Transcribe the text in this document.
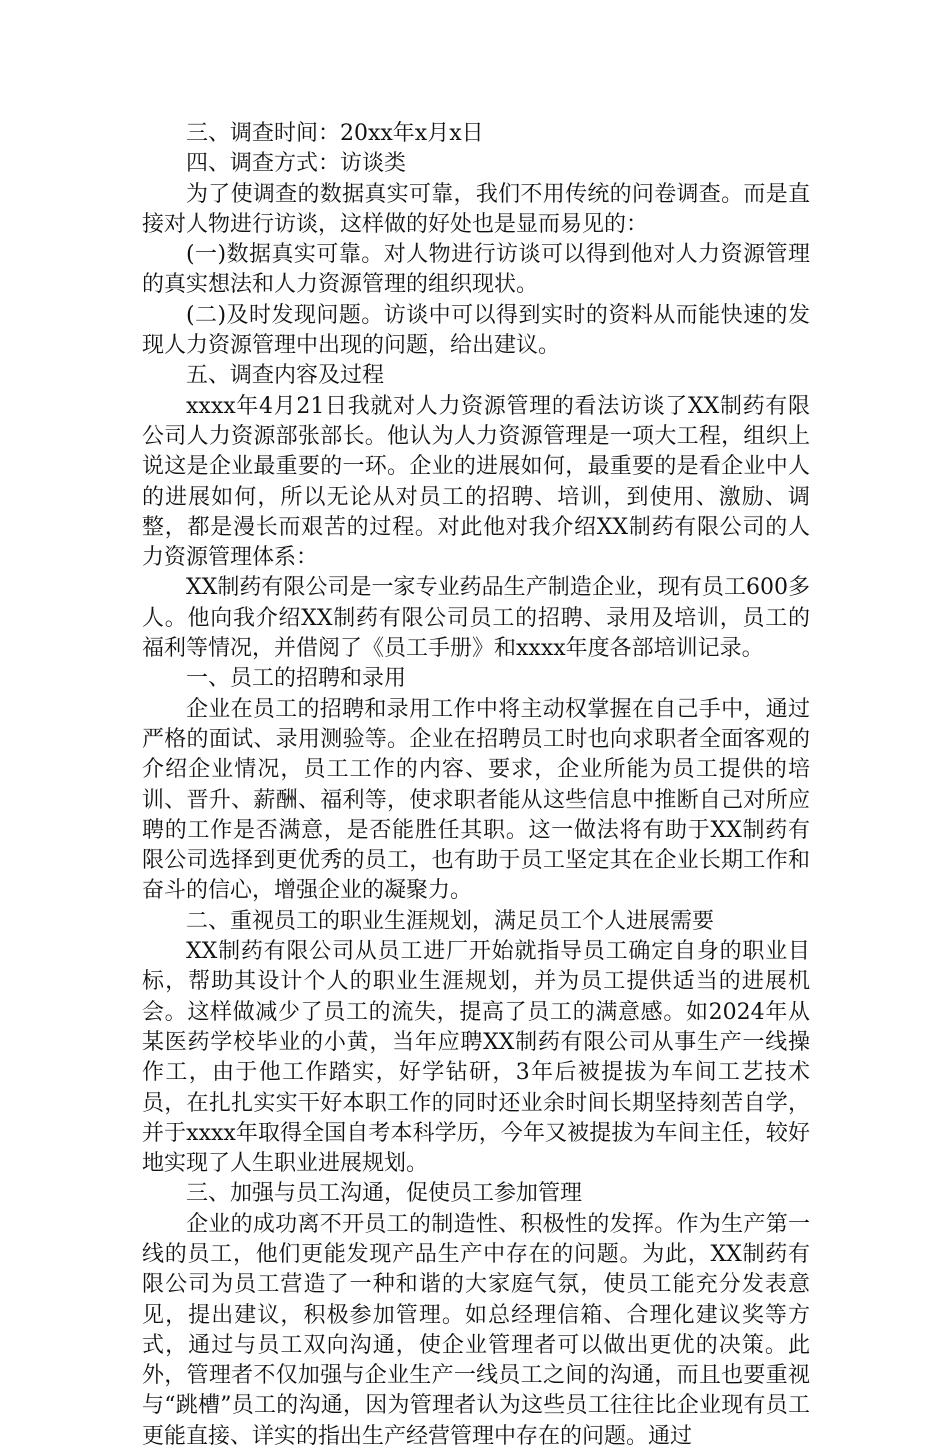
三、调查时间：20xx年x月x日

四、调查方式：访谈类

为了使调查的数据真实可靠，我们不用传统的问卷调查。而是直接对人物进行访谈，这样做的好处也是显而易见的：

(一)数据真实可靠。对人物进行访谈可以得到他对人力资源管理的真实想法和人力资源管理的组织现状。

(二)及时发现问题。访谈中可以得到实时的资料从而能快速的发现人力资源管理中出现的问题，给出建议。

五、调查内容及过程

xxxx年4月21日我就对人力资源管理的看法访谈了XX制药有限公司人力资源部张部长。他认为人力资源管理是一项大工程，组织上说这是企业最重要的一环。企业的进展如何，最重要的是看企业中人的进展如何，所以无论从对员工的招聘、培训，到使用、激励、调整，都是漫长而艰苦的过程。对此他对我介绍XX制药有限公司的人力资源管理体系：

XX制药有限公司是一家专业药品生产制造企业，现有员工600多 人。他向我介绍XX制药有限公司员工的招聘、录用及培训，员工的福利等情况，并借阅了《员工手册》和xxxx年度各部培训记录。

一、员工的招聘和录用

企业在员工的招聘和录用工作中将主动权掌握在自己手中，通过严格的面试、录用测验等。企业在招聘员工时也向求职者全面客观的介绍企业情况，员工工作的内容、要求，企业所能为员工提供的培训、晋升、薪酬、福利等，使求职者能从这些信息中推断自己对所应聘的工作是否满意，是否能胜任其职。这一做法将有助于XX制药有限公司选择到更优秀的员工，也有助于员工坚定其在企业长期工作和奋斗的信心，增强企业的凝聚力。

二、重视员工的职业生涯规划，满足员工个人进展需要

XX制药有限公司从员工进厂开始就指导员工确定自身的职业目标，帮助其设计个人的职业生涯规划，并为员工提供适当的进展机会。这样做减少了员工的流失，提高了员工的满意感。如2024年从某医药学校毕业的小黄，当年应聘XX制药有限公司从事生产一线操作工，由于他工作踏实，好学钻研，3年后被提拔为车间工艺技术员，在扎扎实实干好本职工作的同时还业余时间长期坚持刻苦自学，并于xxxx年取得全国自考本科学历，今年又被提拔为车间主任，较好地实现了人生职业进展规划。

三、加强与员工沟通，促使员工参加管理

企业的成功离不开员工的制造性、积极性的发挥。作为生产第一线的员工，他们更能发现产品生产中存在的问题。为此，XX制药有限公司为员工营造了一种和谐的大家庭气氛，使员工能充分发表意见，提出建议，积极参加管理。如总经理信箱、合理化建议奖等方式，通过与员工双向沟通，使企业管理者可以做出更优的决策。此外，管理者不仅加强与企业生产一线员工之间的沟通，而且也要重视与“跳槽”员工的沟通，因为管理者认为这些员工往往比企业现有员工更能直接、详实的指出生产经营管理中存在的问题。通过
